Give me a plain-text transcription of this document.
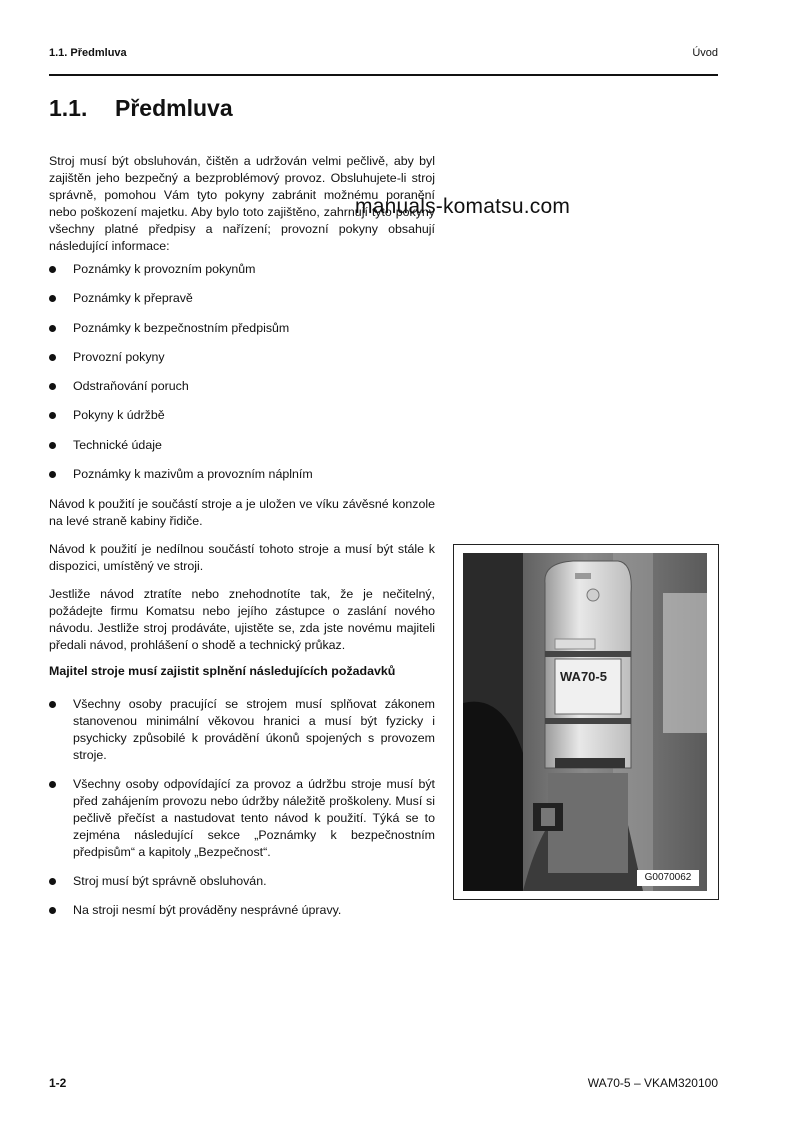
1.1. Předmluva	Úvod
1.1. Předmluva
manuals-komatsu.com

Stroj musí být obsluhován, čištěn a udržován velmi pečlivě, aby byl zajištěn jeho bezpečný a bezproblémový provoz. Obsluhujete-li stroj správně, pomohou Vám tyto pokyny zabránit možnému poranění nebo poškození majetku. Aby bylo toto zajištěno, zahrnují tyto pokyny všechny platné předpisy a nařízení; provozní pokyny obsahují následující informace:

Poznámky k provozním pokynům
Poznámky k přepravě
Poznámky k bezpečnostním předpisům
Provozní pokyny
Odstraňování poruch
Pokyny k údržbě
Technické údaje
Poznámky k mazivům a provozním náplním

Návod k použití je součástí stroje a je uložen ve víku závěsné konzole na levé straně kabiny řidiče.

Návod k použití je nedílnou součástí tohoto stroje a musí být stále k dispozici, umístěný ve stroji.

Jestliže návod ztratíte nebo znehodnotíte tak, že je nečitelný, požádejte firmu Komatsu nebo jejího zástupce o zaslání nového návodu. Jestliže stroj prodáváte, ujistěte se, zda jste novému majiteli předali návod, prohlášení o shodě a technický průkaz.

Majitel stroje musí zajistit splnění následujících požadavků
Všechny osoby pracující se strojem musí splňovat zákonem stanovenou minimální věkovou hranici a musí být fyzicky i psychicky způsobilé k provádění úkonů spojených s provozem stroje.
Všechny osoby odpovídající za provoz a údržbu stroje musí být před zahájením provozu nebo údržby náležitě proškoleny. Musí si pečlivě přečíst a nastudovat tento návod k použití. Týká se to zejména následující sekce „Poznámky k bezpečnostním předpisům“ a kapitoly „Bezpečnost“.
Stroj musí být správně obsluhován.
Na stroji nesmí být prováděny nesprávné úpravy.
WA70-5
G0070062
1-2	WA70-5 – VKAM320100
